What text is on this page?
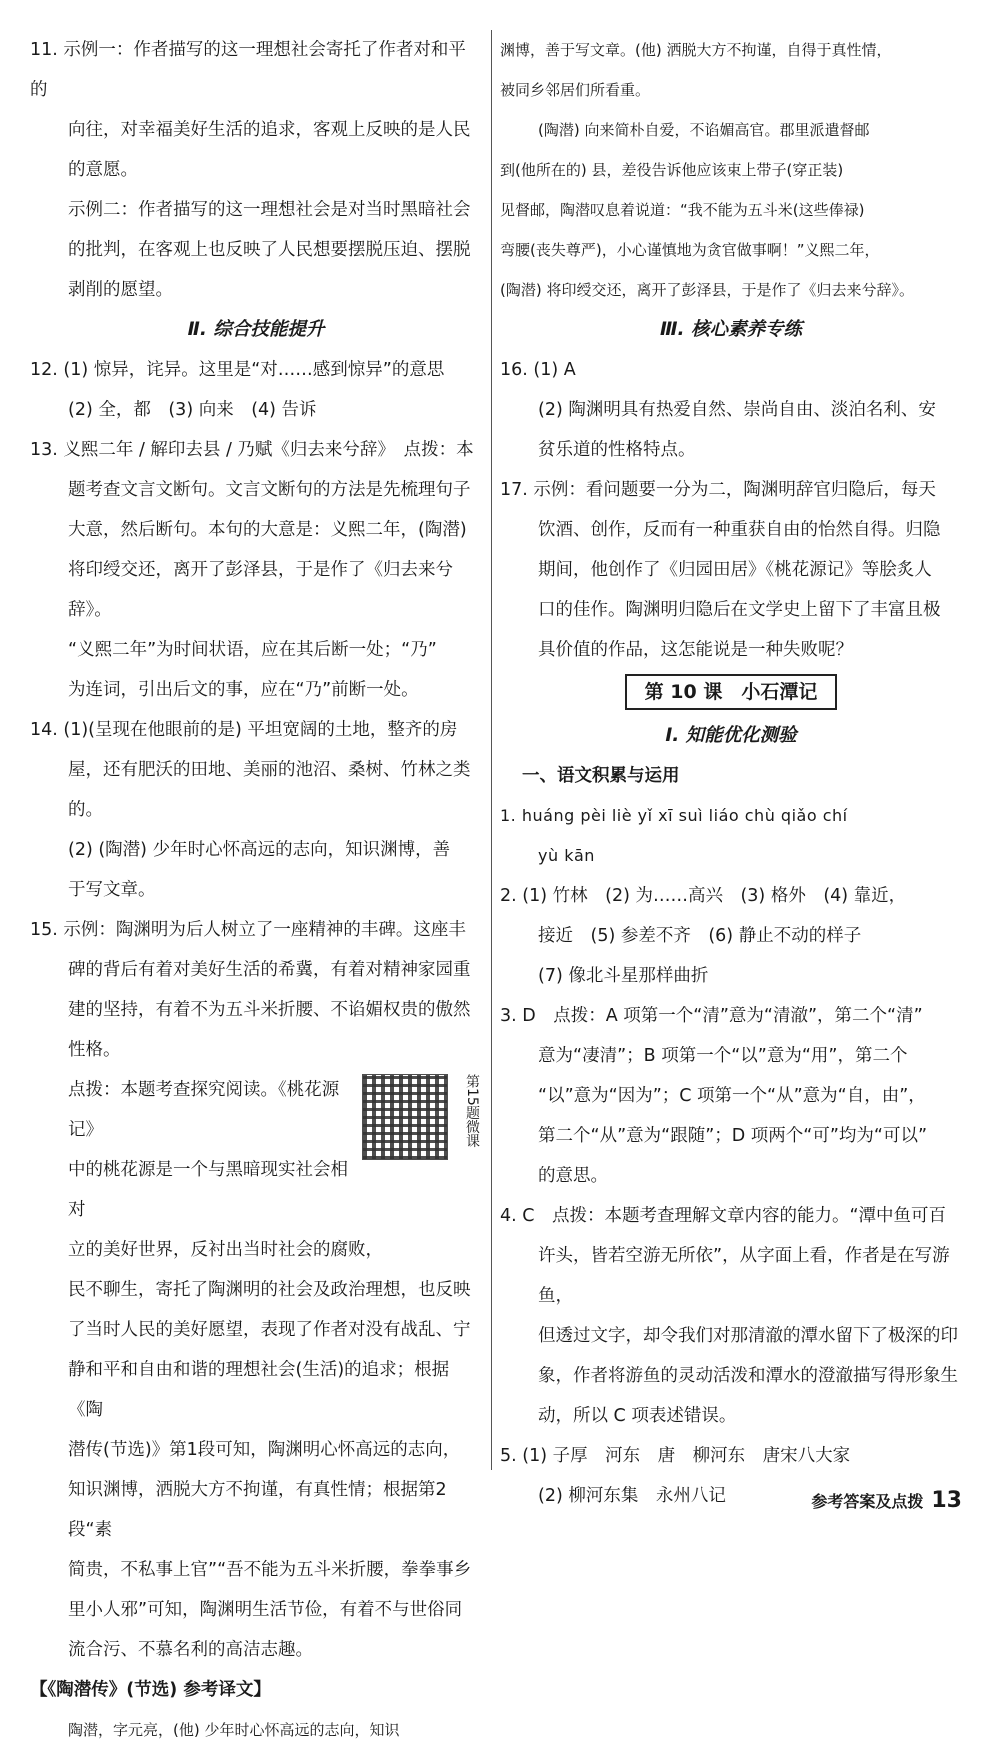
11. 示例一：作者描写的这一理想社会寄托了作者对和平的

向往，对幸福美好生活的追求，客观上反映的是人民

的意愿。

示例二：作者描写的这一理想社会是对当时黑暗社会

的批判，在客观上也反映了人民想要摆脱压迫、摆脱

剥削的愿望。

Ⅱ. 综合技能提升

12. (1) 惊异，诧异。这里是“对……感到惊异”的意思

(2) 全，都　(3) 向来　(4) 告诉

13. 义熙二年 / 解印去县 / 乃赋《归去来兮辞》　点拨：本

题考查文言文断句。文言文断句的方法是先梳理句子

大意，然后断句。本句的大意是：义熙二年，(陶潜)

将印绶交还，离开了彭泽县，于是作了《归去来兮辞》。

“义熙二年”为时间状语，应在其后断一处；“乃”

为连词，引出后文的事，应在“乃”前断一处。

14. (1)(呈现在他眼前的是) 平坦宽阔的土地，整齐的房

屋，还有肥沃的田地、美丽的池沼、桑树、竹林之类的。

(2) (陶潜) 少年时心怀高远的志向，知识渊博，善

于写文章。

15. 示例：陶渊明为后人树立了一座精神的丰碑。这座丰

碑的背后有着对美好生活的希冀，有着对精神家园重

建的坚持，有着不为五斗米折腰、不谄媚权贵的傲然

性格。

第15题微课

点拨：本题考查探究阅读。《桃花源记》

中的桃花源是一个与黑暗现实社会相对

立的美好世界，反衬出当时社会的腐败，

民不聊生，寄托了陶渊明的社会及政治理想，也反映

了当时人民的美好愿望，表现了作者对没有战乱、宁

静和平和自由和谐的理想社会(生活)的追求；根据《陶

潜传(节选)》第1段可知，陶渊明心怀高远的志向，

知识渊博，洒脱大方不拘谨，有真性情；根据第2段“素

简贵，不私事上官”“吾不能为五斗米折腰，拳拳事乡

里小人邪”可知，陶渊明生活节俭，有着不与世俗同

流合污、不慕名利的高洁志趣。

【《陶潜传》(节选) 参考译文】

陶潜，字元亮，(他) 少年时心怀高远的志向，知识

渊博，善于写文章。(他) 洒脱大方不拘谨，自得于真性情，

被同乡邻居们所看重。

(陶潜) 向来简朴自爱，不谄媚高官。郡里派遣督邮

到(他所在的) 县，差役告诉他应该束上带子(穿正装)

见督邮，陶潜叹息着说道：“我不能为五斗米(这些俸禄)

弯腰(丧失尊严)，小心谨慎地为贪官做事啊！”义熙二年，

(陶潜) 将印绶交还，离开了彭泽县，于是作了《归去来兮辞》。

Ⅲ. 核心素养专练

16. (1) A

(2) 陶渊明具有热爱自然、崇尚自由、淡泊名利、安

贫乐道的性格特点。

17. 示例：看问题要一分为二，陶渊明辞官归隐后，每天

饮酒、创作，反而有一种重获自由的怡然自得。归隐

期间，他创作了《归园田居》《桃花源记》等脍炙人

口的佳作。陶渊明归隐后在文学史上留下了丰富且极

具价值的作品，这怎能说是一种失败呢？

第 10 课　小石潭记

Ⅰ. 知能优化测验

一、语文积累与运用

1. huáng pèi liè yǐ xī suì liáo chù qiǎo chí

yù kān

2. (1) 竹林　(2) 为……高兴　(3) 格外　(4) 靠近，

接近　(5) 参差不齐　(6) 静止不动的样子

(7) 像北斗星那样曲折

3. D　点拨：A 项第一个“清”意为“清澈”，第二个“清”

意为“凄清”；B 项第一个“以”意为“用”，第二个

“以”意为“因为”；C 项第一个“从”意为“自，由”，

第二个“从”意为“跟随”；D 项两个“可”均为“可以”

的意思。

4. C　点拨：本题考查理解文章内容的能力。“潭中鱼可百

许头，皆若空游无所依”，从字面上看，作者是在写游鱼，

但透过文字，却令我们对那清澈的潭水留下了极深的印

象，作者将游鱼的灵动活泼和潭水的澄澈描写得形象生

动，所以 C 项表述错误。

5. (1) 子厚　河东　唐　柳河东　唐宋八大家

(2) 柳河东集　永州八记	参考答案及点拨 13
